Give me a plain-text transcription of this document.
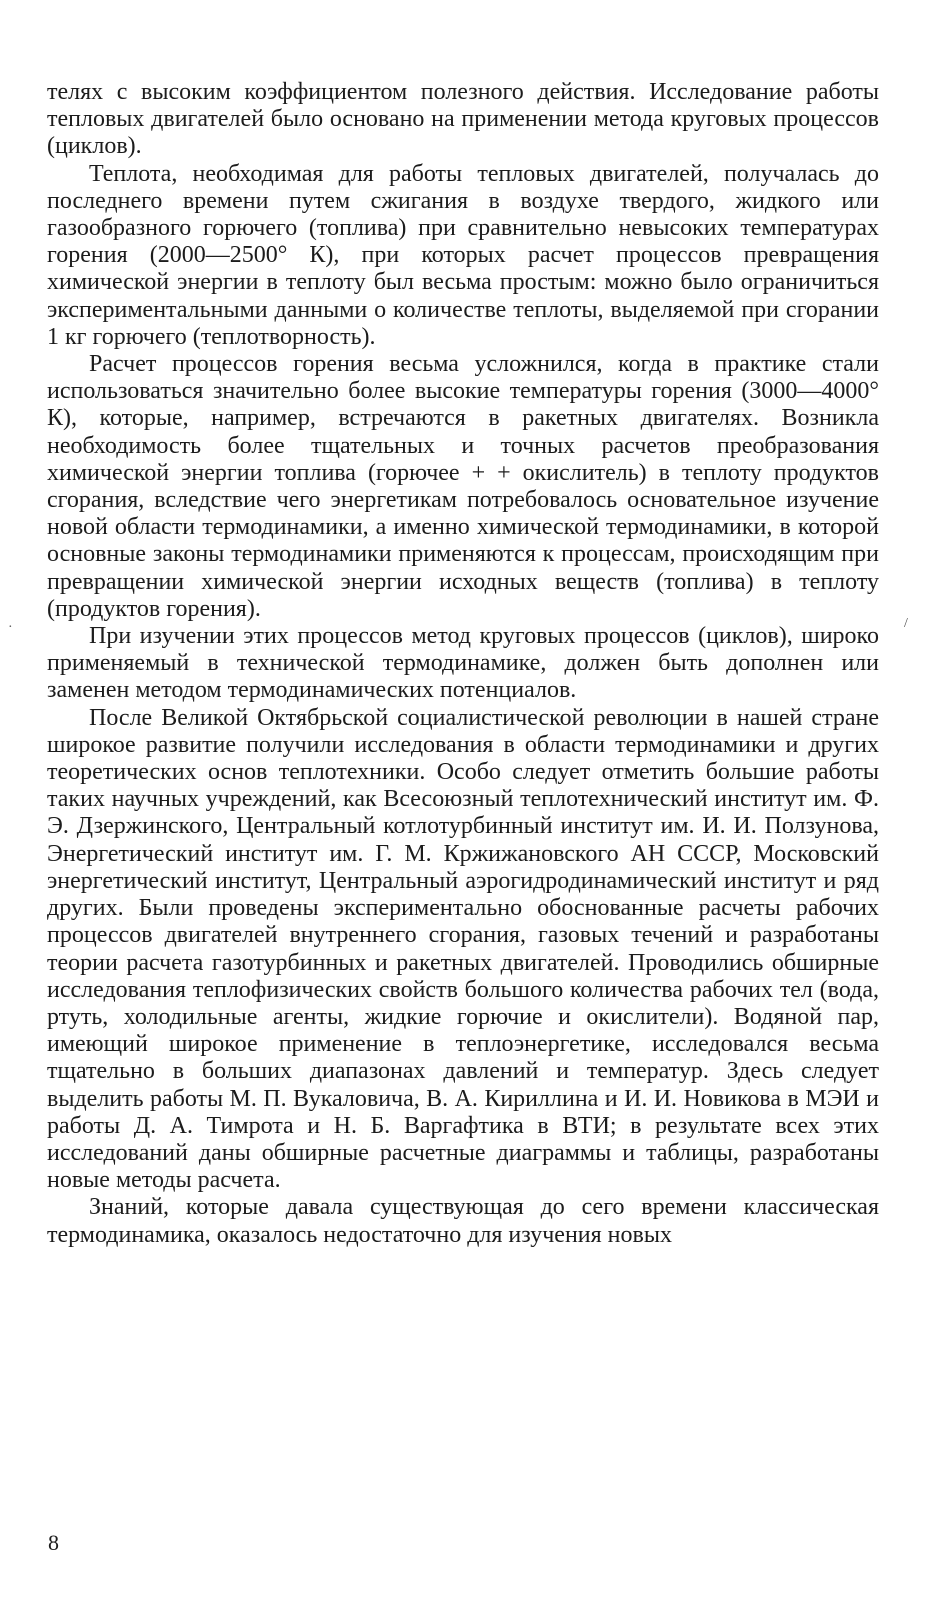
телях с высоким коэффициентом полезного действия. Исследование работы тепловых двигателей было основано на применении метода круговых процессов (циклов).

Теплота, необходимая для работы тепловых двигателей, получалась до последнего времени путем сжигания в воздухе твердого, жидкого или газообразного горючего (топлива) при сравнительно невысоких температурах горения (2000—2500° К), при которых расчет процессов превращения химической энергии в теплоту был весьма простым: можно было ограничиться экспериментальными данными о количестве теплоты, выделяемой при сгорании 1 кг горючего (теплотворность).

Расчет процессов горения весьма усложнился, когда в практике стали использоваться значительно более высокие температуры горения (3000—4000° К), которые, например, встречаются в ракетных двигателях. Возникла необходимость более тщательных и точных расчетов преобразования химической энергии топлива (горючее + + окислитель) в теплоту продуктов сгорания, вследствие чего энергетикам потребовалось основательное изучение новой области термодинамики, а именно химической термодинамики, в которой основные законы термодинамики применяются к процессам, происходящим при превращении химической энергии исходных веществ (топлива) в теплоту (продуктов горения).

При изучении этих процессов метод круговых процессов (циклов), широко применяемый в технической термодинамике, должен быть дополнен или заменен методом термодинамических потенциалов.

После Великой Октябрьской социалистической революции в нашей стране широкое развитие получили исследования в области термодинамики и других теоретических основ теплотехники. Особо следует отметить большие работы таких научных учреждений, как Всесоюзный теплотехнический институт им. Ф. Э. Дзержинского, Центральный котлотурбинный институт им. И. И. Ползунова, Энергетический институт им. Г. М. Кржижановского АН СССР, Московский энергетический институт, Центральный аэрогидродинамический институт и ряд других. Были проведены экспериментально обоснованные расчеты рабочих процессов двигателей внутреннего сгорания, газовых течений и разработаны теории расчета газотурбинных и ракетных двигателей. Проводились обширные исследования теплофизических свойств большого количества рабочих тел (вода, ртуть, холодильные агенты, жидкие горючие и окислители). Водяной пар, имеющий широкое применение в теплоэнергетике, исследовался весьма тщательно в больших диапазонах давлений и температур. Здесь следует выделить работы М. П. Вукаловича, В. А. Кириллина и И. И. Новикова в МЭИ и работы Д. А. Тимрота и Н. Б. Варгафтика в ВТИ; в результате всех этих исследований даны обширные расчетные диаграммы и таблицы, разработаны новые методы расчета.

Знаний, которые давала существующая до сего времени классическая термодинамика, оказалось недостаточно для изучения новых

8
·	/
